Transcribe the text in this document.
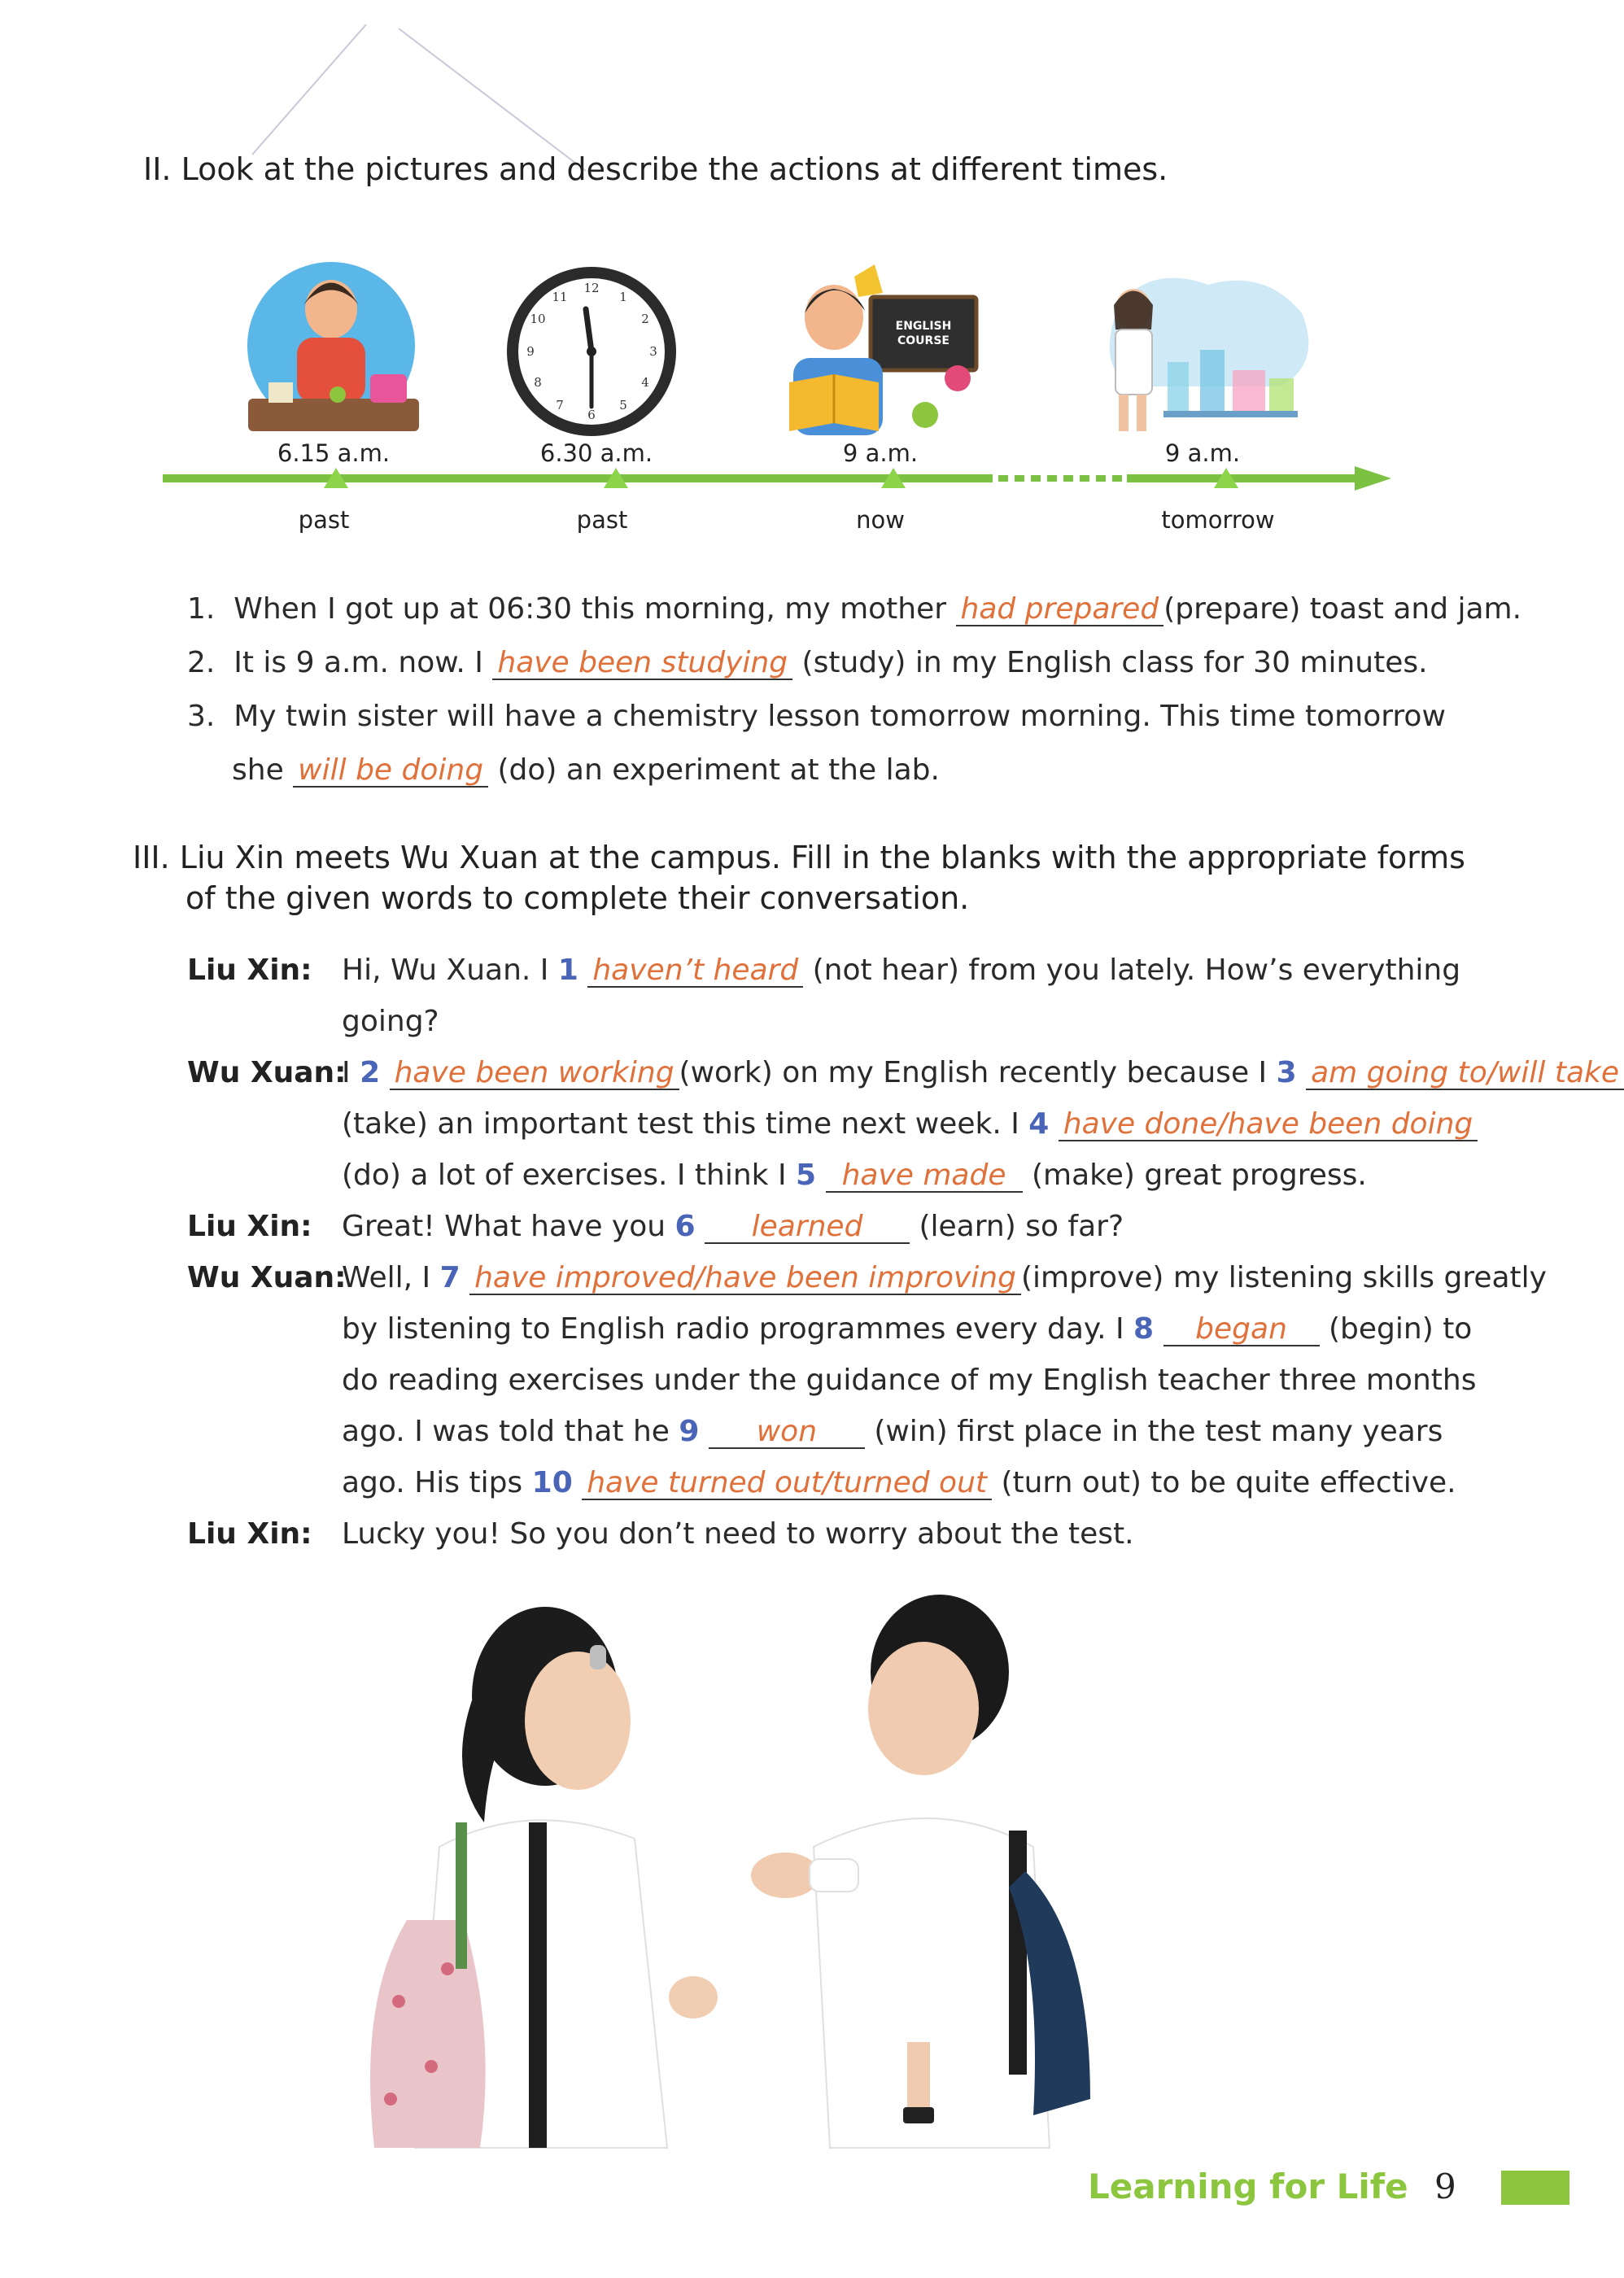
II. Look at the pictures and describe the actions at different times.
6.15 a.m.
12
1
2
3
4
5
6
7
8
9
10
11
6.30 a.m.
ENGLISH
COURSE
9 a.m.	9 a.m.
past	past	now	tomorrow
1. When I got up at 06:30 this morning, my mother had prepared (prepare) toast and jam.
2. It is 9 a.m. now. I have been studying (study) in my English class for 30 minutes.
3. My twin sister will have a chemistry lesson tomorrow morning. This time tomorrow
she will be doing (do) an experiment at the lab.
III. Liu Xin meets Wu Xuan at the campus. Fill in the blanks with the appropriate forms
of the given words to complete their conversation.
Liu Xin: Hi, Wu Xuan. I 1 haven’t heard (not hear) from you lately. How’s everything
going?
Wu Xuan:
I 2 have been working (work) on my English recently because I 3 am going to/will take
(take) an important test this time next week. I 4 have done/have been doing
(do) a lot of exercises. I think I 5 have made (make) great progress.
Liu Xin: Great! What have you 6 learned (learn) so far?
Wu Xuan:
Well, I 7 have improved/have been improving (improve) my listening skills greatly
by listening to English radio programmes every day. I 8 began (begin) to
do reading exercises under the guidance of my English teacher three months
ago. I was told that he 9 won (win) first place in the test many years
ago. His tips 10 have turned out/turned out (turn out) to be quite effective.
Liu Xin: Lucky you! So you don’t need to worry about the test.
Learning for Life 9
